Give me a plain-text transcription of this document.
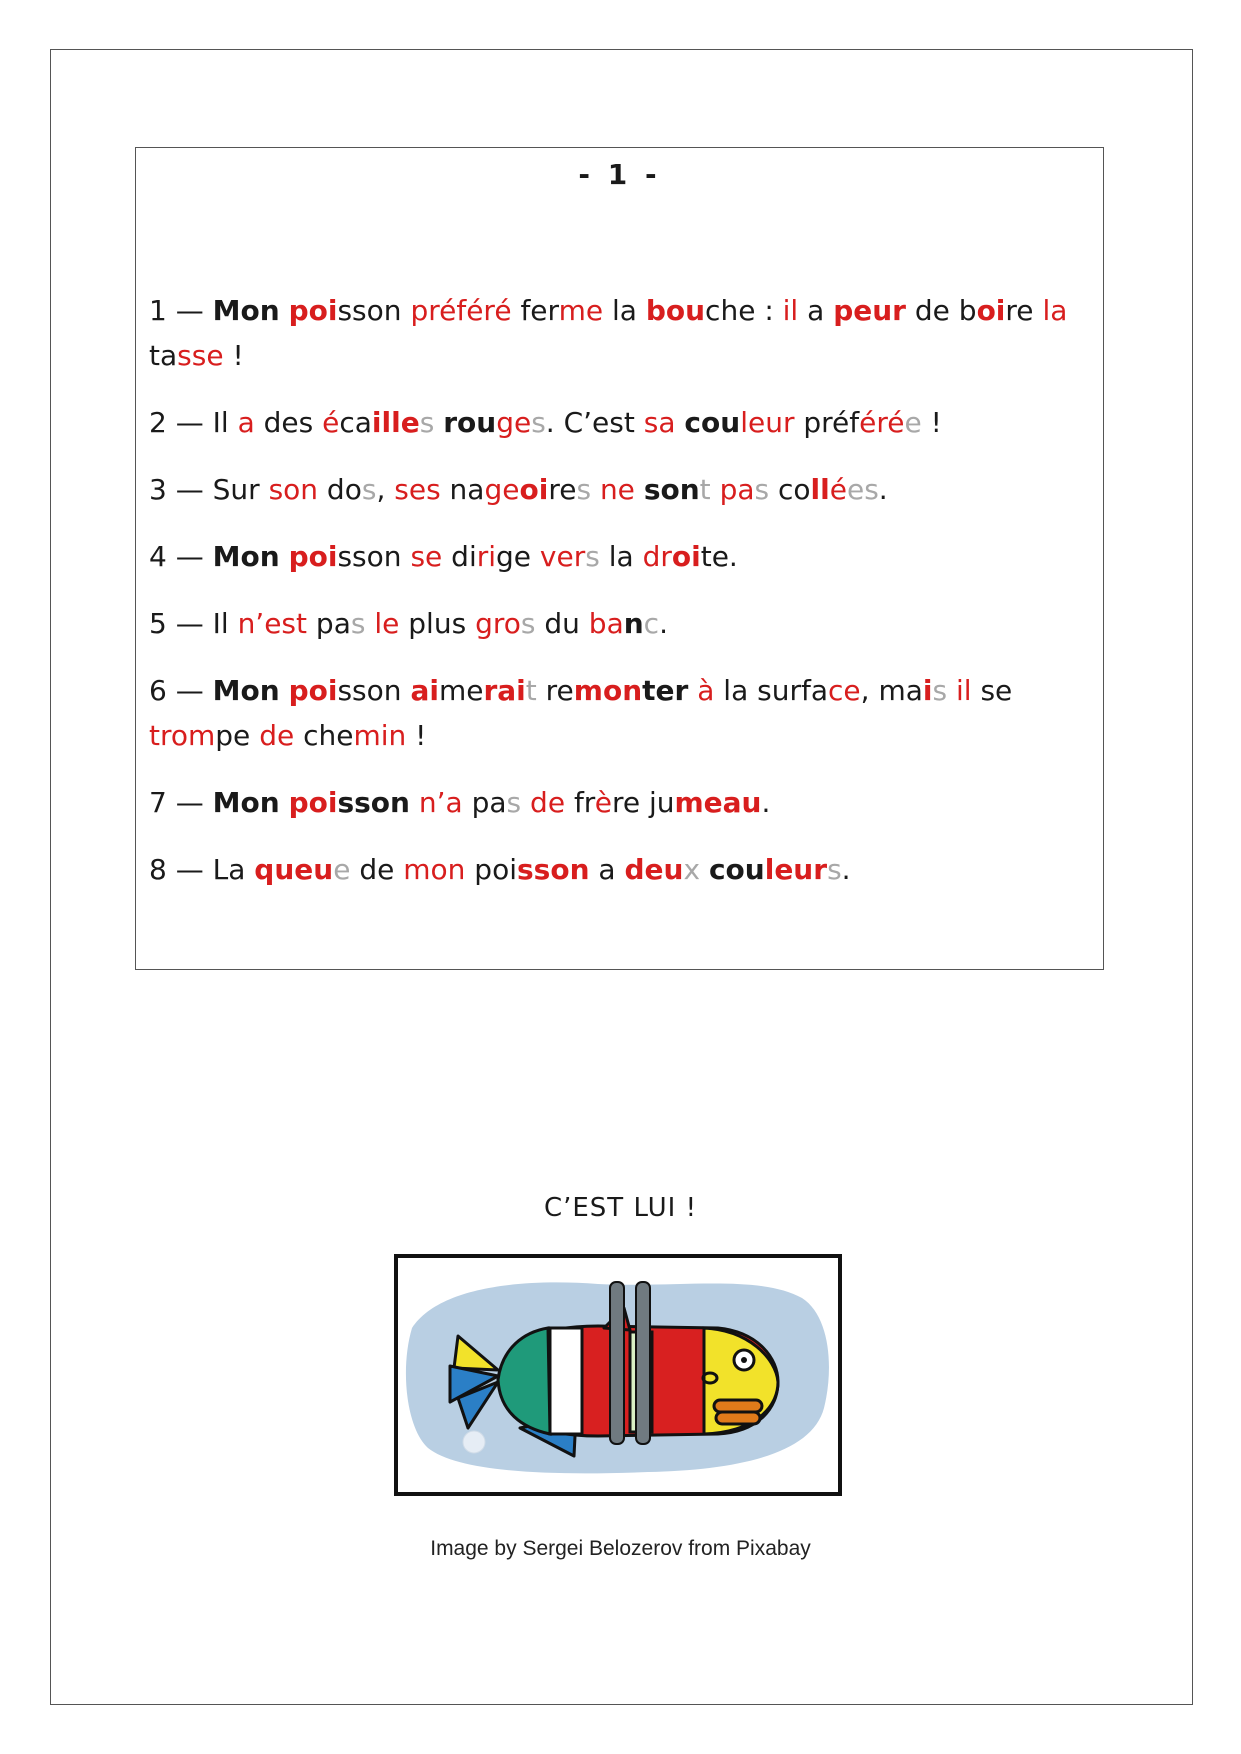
- 1 -
1 — Mon poisson préféré ferme la bouche : il a peur de boire la tasse !
2 — Il a des écailles rouges. C’est sa couleur préférée !
3 — Sur son dos, ses nageoires ne sont pas collées.
4 — Mon poisson se dirige vers la droite.
5 — Il n’est pas le plus gros du banc.
6 — Mon poisson aimerait remonter à la surface, mais il se trompe de chemin !
7 — Mon poisson n’a pas de frère jumeau.
8 — La queue de mon poisson a deux couleurs.
C’EST LUI !
Image by Sergei Belozerov from Pixabay
